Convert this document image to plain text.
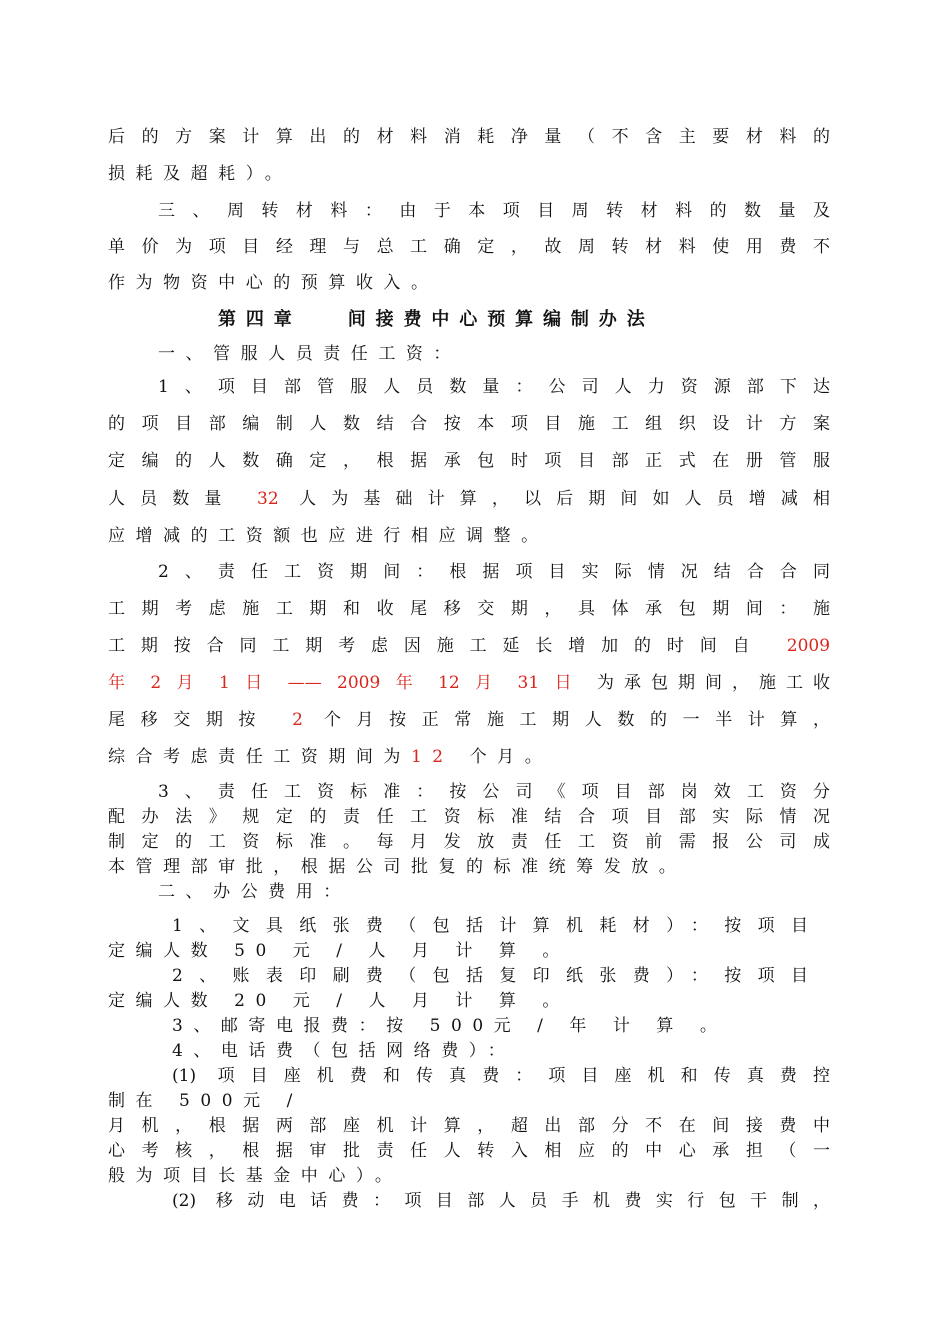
后的方案计算出的材料消耗净量（不含主要材料的
损耗及超耗）。
三、周转材料：由于本项目周转材料的数量及
单价为项目经理与总工确定，故周转材料使用费不
作为物资中心的预算收入。
第四章	间接费中心预算编制办法
一、管服人员责任工资：
1、项目部管服人员数量：公司人力资源部下达
的项目部编制人数结合按本项目施工组织设计方案
定编的人数确定，根据承包时项目部正式在册管服
人员数量 32 人为基础计算，以后期间如人员增减相
应增减的工资额也应进行相应调整。
2、责任工资期间：根据项目实际情况结合合同
工期考虑施工期和收尾移交期，具体承包期间：施
工期按合同工期考虑因施工延长增加的时间自 2009
年 2 月 1 日 —— 2009 年 12 月 31 日 为承包期间，施工收
尾移交期按 2 个月按正常施工期人数的一半计算，
综合考虑责任工资期间为12 个月。
3、责任工资标准：按公司《项目部岗效工资分
配办法》规定的责任工资标准结合项目部实际情况
制定的工资标准。每月发放责任工资前需报公司成
本管理部审批，根据公司批复的标准统筹发放。
二、办公费用：
1、文具纸张费（包括计算机耗材）：按项目
定编人数 50 元 / 人 月 计 算 。
2、账表印刷费（包括复印纸张费）：按项目
定编人数 20 元 / 人 月 计 算 。
3、邮寄电报费：按 500元 / 年 计 算 。
4、电话费（包括网络费）：
(1) 项目座机费和传真费：项目座机和传真费控
制在 500元 /
月机，根据两部座机计算，超出部分不在间接费中
心考核，根据审批责任人转入相应的中心承担（一
般为项目长基金中心）。
(2) 移动电话费：项目部人员手机费实行包干制，
